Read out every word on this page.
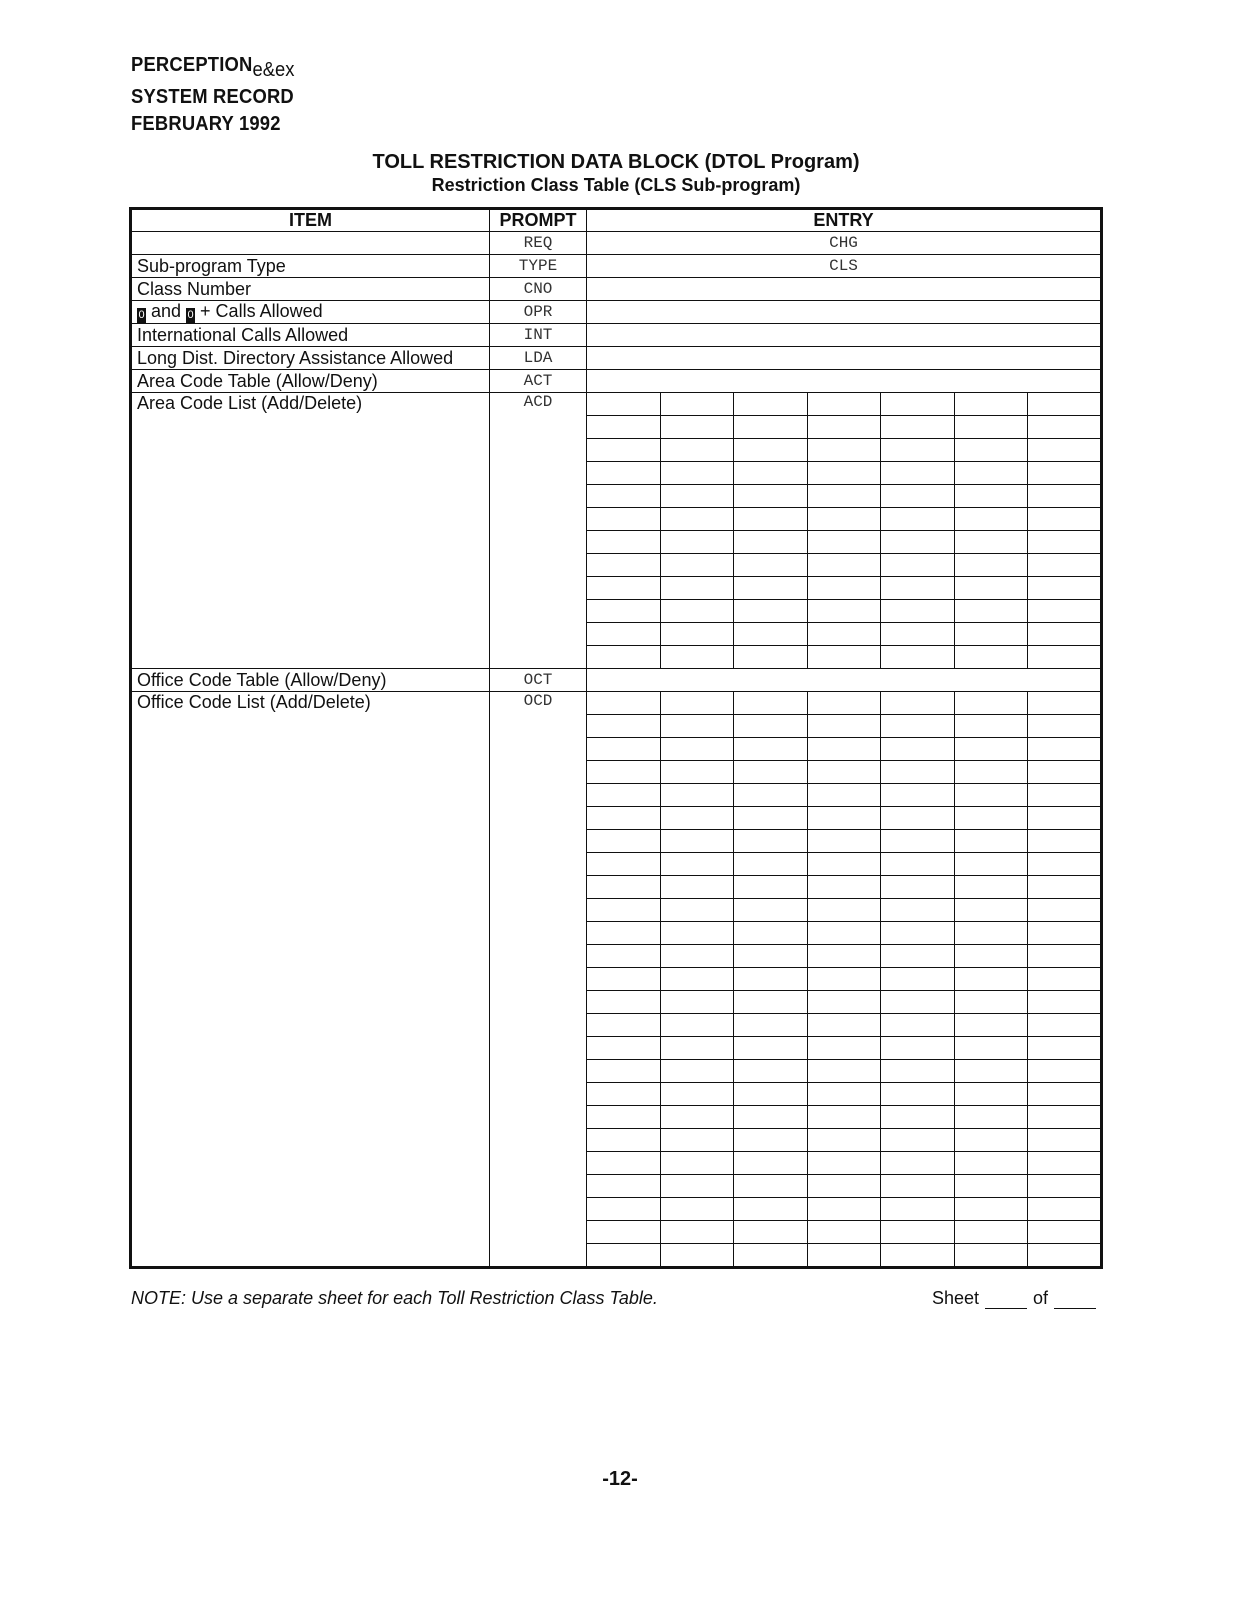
PERCEPTIONe&ex
SYSTEM RECORD
FEBRUARY 1992
TOLL RESTRICTION DATA BLOCK (DTOL Program)
Restriction Class Table (CLS Sub-program)
ITEM	PROMPT	ENTRY						
	REQ	CHG						
Sub-program Type	TYPE	CLS						
Class Number	CNO							
0 and 0 + Calls Allowed	OPR							
International Calls Allowed	INT							
Long Dist. Directory Assistance Allowed	LDA							
Area Code Table (Allow/Deny)	ACT							
Area Code List (Add/Delete)	ACD							

Office Code Table (Allow/Deny)	OCT							
Office Code List (Add/Delete)	OCD							

NOTE: Use a separate sheet for each Toll Restriction Class Table.	Sheet	of
-12-
